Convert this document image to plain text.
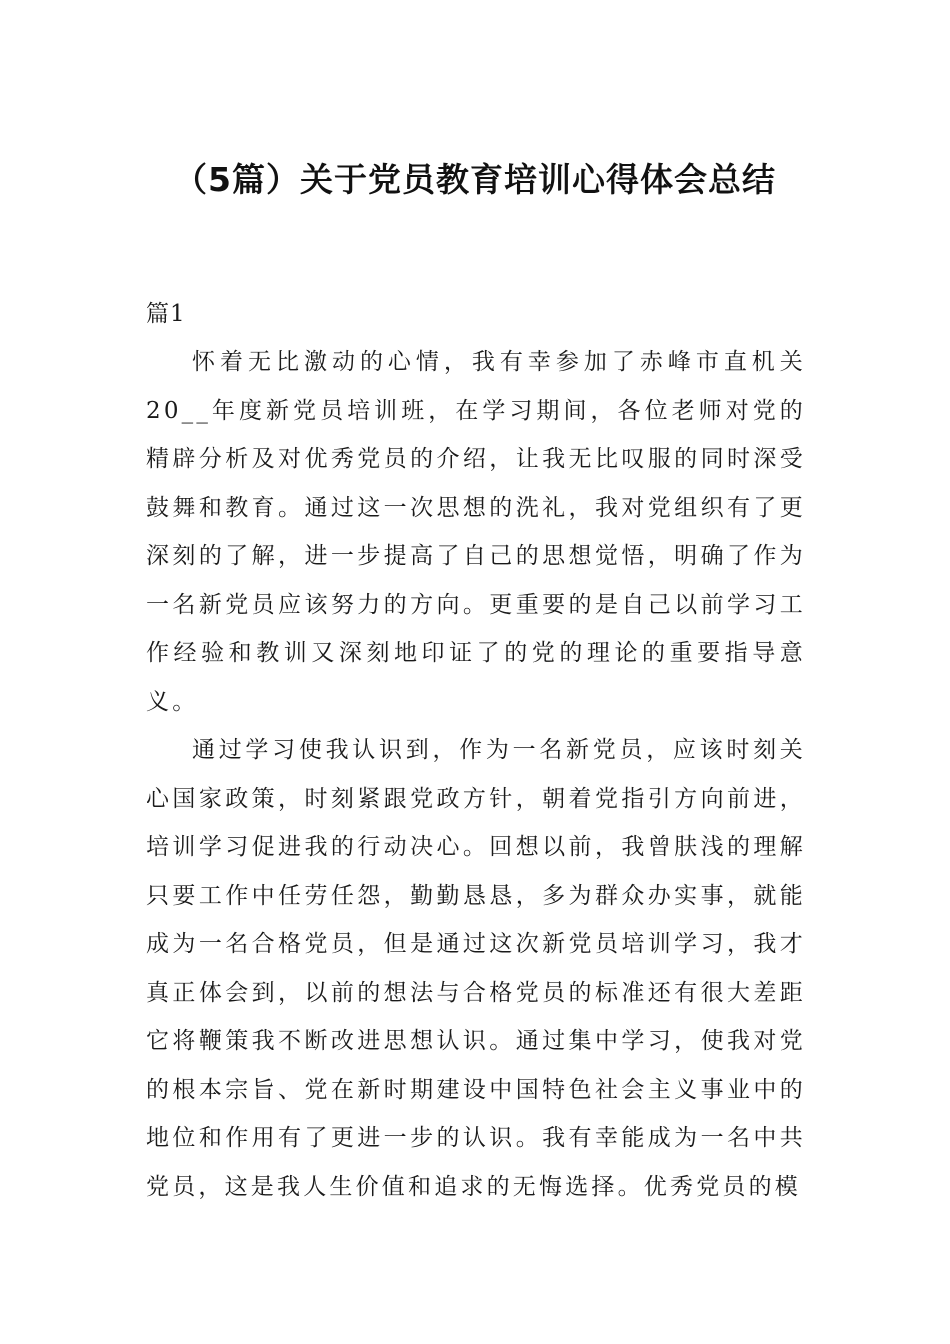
（5篇）关于党员教育培训心得体会总结

篇1

怀着无比激动的心情，我有幸参加了赤峰市直机关20__年度新党员培训班，在学习期间，各位老师对党的精辟分析及对优秀党员的介绍，让我无比叹服的同时深受鼓舞和教育。通过这一次思想的洗礼，我对党组织有了更深刻的了解，进一步提高了自己的思想觉悟，明确了作为一名新党员应该努力的方向。更重要的是自己以前学习工作经验和教训又深刻地印证了的党的理论的重要指导意义。

通过学习使我认识到，作为一名新党员，应该时刻关心国家政策，时刻紧跟党政方针，朝着党指引方向前进，培训学习促进我的行动决心。回想以前，我曾肤浅的理解只要工作中任劳任怨，勤勤恳恳，多为群众办实事，就能成为一名合格党员，但是通过这次新党员培训学习，我才真正体会到，以前的想法与合格党员的标准还有很大差距它将鞭策我不断改进思想认识。通过集中学习，使我对党的根本宗旨、党在新时期建设中国特色社会主义事业中的地位和作用有了更进一步的认识。我有幸能成为一名中共党员，这是我人生价值和追求的无悔选择。优秀党员的模
